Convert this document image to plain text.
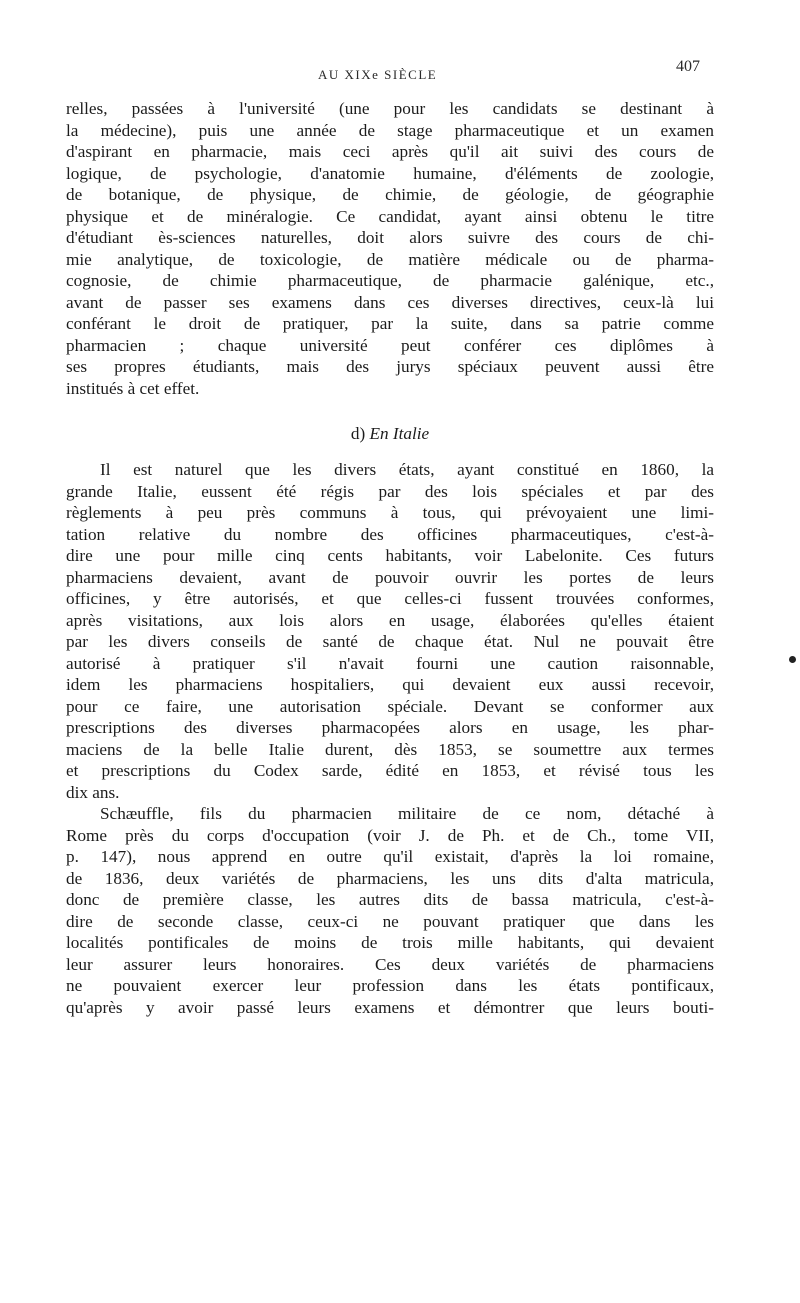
AU XIXe SIÈCLE	407
relles, passées à l'université (une pour les candidats se destinant à
la médecine), puis une année de stage pharmaceutique et un examen
d'aspirant en pharmacie, mais ceci après qu'il ait suivi des cours de
logique, de psychologie, d'anatomie humaine, d'éléments de zoologie,
de botanique, de physique, de chimie, de géologie, de géographie
physique et de minéralogie. Ce candidat, ayant ainsi obtenu le titre
d'étudiant ès-sciences naturelles, doit alors suivre des cours de chi-
mie analytique, de toxicologie, de matière médicale ou de pharma-
cognosie, de chimie pharmaceutique, de pharmacie galénique, etc.,
avant de passer ses examens dans ces diverses directives, ceux-là lui
conférant le droit de pratiquer, par la suite, dans sa patrie comme
pharmacien ; chaque université peut conférer ces diplômes à
ses propres étudiants, mais des jurys spéciaux peuvent aussi être
institués à cet effet.
d) En Italie
Il est naturel que les divers états, ayant constitué en 1860, la
grande Italie, eussent été régis par des lois spéciales et par des
règlements à peu près communs à tous, qui prévoyaient une limi-
tation relative du nombre des officines pharmaceutiques, c'est-à-
dire une pour mille cinq cents habitants, voir Labelonite. Ces futurs
pharmaciens devaient, avant de pouvoir ouvrir les portes de leurs
officines, y être autorisés, et que celles-ci fussent trouvées conformes,
après visitations, aux lois alors en usage, élaborées qu'elles étaient
par les divers conseils de santé de chaque état. Nul ne pouvait être
autorisé à pratiquer s'il n'avait fourni une caution raisonnable,
idem les pharmaciens hospitaliers, qui devaient eux aussi recevoir,
pour ce faire, une autorisation spéciale. Devant se conformer aux
prescriptions des diverses pharmacopées alors en usage, les phar-
maciens de la belle Italie durent, dès 1853, se soumettre aux termes
et prescriptions du Codex sarde, édité en 1853, et révisé tous les
dix ans.
Schæuffle, fils du pharmacien militaire de ce nom, détaché à
Rome près du corps d'occupation (voir J. de Ph. et de Ch., tome VII,
p. 147), nous apprend en outre qu'il existait, d'après la loi romaine,
de 1836, deux variétés de pharmaciens, les uns dits d'alta matricula,
donc de première classe, les autres dits de bassa matricula, c'est-à-
dire de seconde classe, ceux-ci ne pouvant pratiquer que dans les
localités pontificales de moins de trois mille habitants, qui devaient
leur assurer leurs honoraires. Ces deux variétés de pharmaciens
ne pouvaient exercer leur profession dans les états pontificaux,
qu'après y avoir passé leurs examens et démontrer que leurs bouti-
